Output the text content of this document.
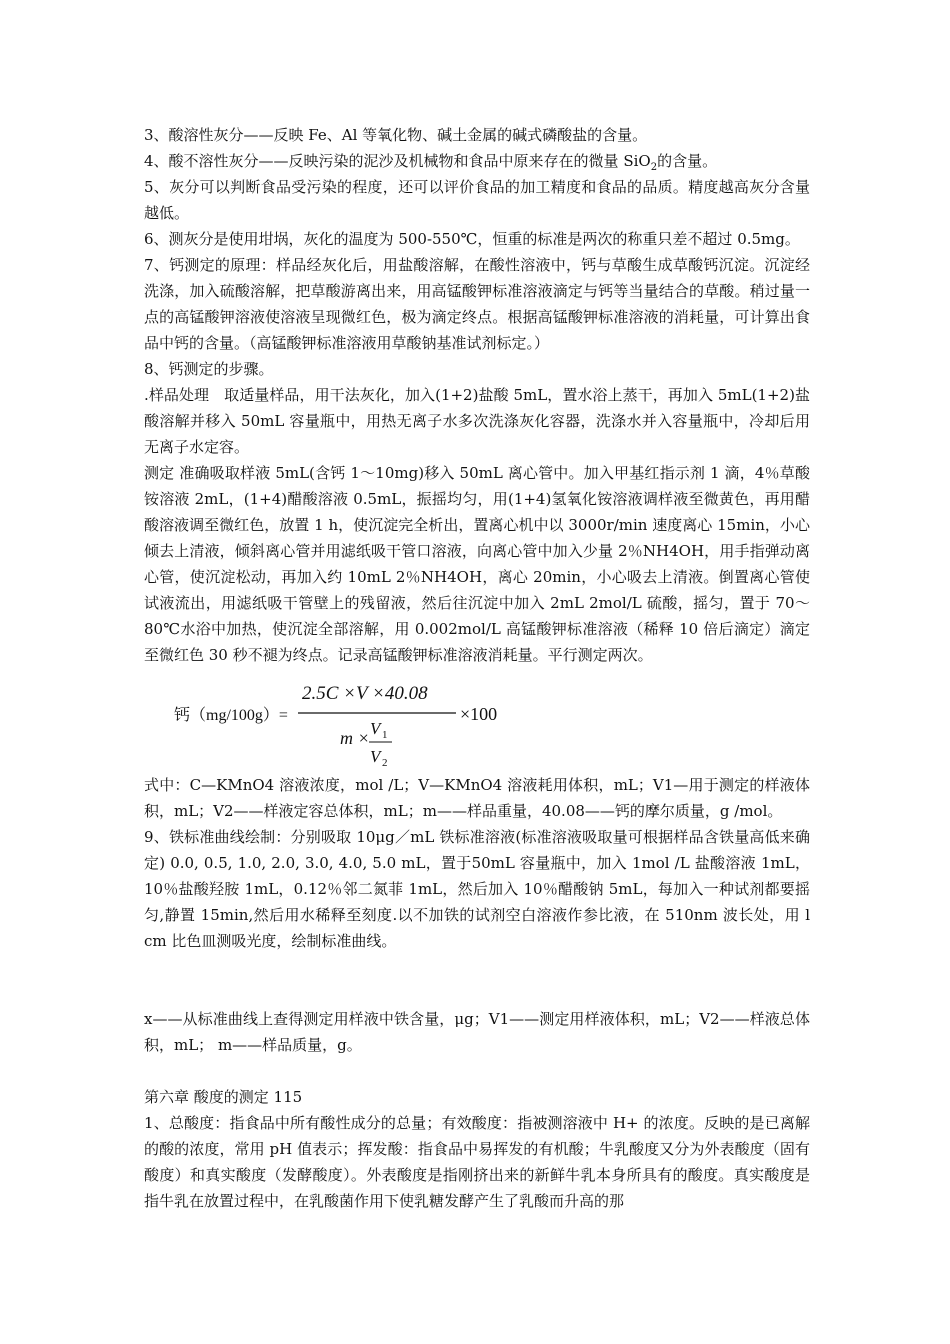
3、酸溶性灰分——反映 Fe、Al 等氧化物、碱土金属的碱式磷酸盐的含量。

4、酸不溶性灰分——反映污染的泥沙及机械物和食品中原来存在的微量 SiO$_2$的含量。

5、灰分可以判断食品受污染的程度，还可以评价食品的加工精度和食品的品质。精度越高灰分含量越低。

6、测灰分是使用坩埚，灰化的温度为 500-550℃，恒重的标准是两次的称重只差不超过 0.5mg。

7、钙测定的原理：样品经灰化后，用盐酸溶解，在酸性溶液中，钙与草酸生成草酸钙沉淀。沉淀经洗涤，加入硫酸溶解，把草酸游离出来，用高锰酸钾标准溶液滴定与钙等当量结合的草酸。稍过量一点的高锰酸钾溶液使溶液呈现微红色，极为滴定终点。根据高锰酸钾标准溶液的消耗量，可计算出食品中钙的含量。（高锰酸钾标准溶液用草酸钠基准试剂标定。）

8、钙测定的步骤。

.样品处理　取适量样品，用干法灰化，加入(1+2)盐酸 5mL，置水浴上蒸干，再加入 5mL(1+2)盐酸溶解并移入 50mL 容量瓶中，用热无离子水多次洗涤灰化容器，洗涤水并入容量瓶中，冷却后用无离子水定容。

测定 准确吸取样液 5mL(含钙 1～10mg)移入 50mL 离心管中。加入甲基红指示剂 1 滴，4％草酸铵溶液 2mL，(1+4)醋酸溶液 0.5mL，振摇均匀，用(1+4)氢氧化铵溶液调样液至微黄色，再用醋酸溶液调至微红色，放置 1 h，使沉淀完全析出，置离心机中以 3000r/min 速度离心 15min，小心倾去上清液，倾斜离心管并用滤纸吸干管口溶液，向离心管中加入少量 2％NH4OH，用手指弹动离心管，使沉淀松动，再加入约 10mL 2％NH4OH，离心 20min，小心吸去上清液。倒置离心管使试液流出，用滤纸吸干管壁上的残留液，然后往沉淀中加入 2mL 2mol/L 硫酸，摇匀，置于 70～80℃水浴中加热，使沉淀全部溶解，用 0.002mol/L 高锰酸钾标准溶液（稀释 10 倍后滴定）滴定至微红色 30 秒不褪为终点。记录高锰酸钾标准溶液消耗量。平行测定两次。

钙（mg/100g）=
2.5C ×V ×40.08
×100
m × V 1
V 2

式中：C—KMnO4 溶液浓度，mol /L；V—KMnO4 溶液耗用体积，mL；V1—用于测定的样液体积，mL；V2——样液定容总体积，mL；m——样品重量，40.08——钙的摩尔质量，g /mol。

9、铁标准曲线绘制：分别吸取 10μg／mL 铁标准溶液(标准溶液吸取量可根据样品含铁量高低来确定) 0.0, 0.5, 1.0, 2.0, 3.0, 4.0, 5.0 mL，置于50mL 容量瓶中，加入 1mol /L 盐酸溶液 1mL，10％盐酸羟胺 1mL，0.12％邻二氮菲 1mL，然后加入 10％醋酸钠 5mL，每加入一种试剂都要摇匀,静置 15min,然后用水稀释至刻度.以不加铁的试剂空白溶液作参比液，在 510nm 波长处，用 l cm 比色皿测吸光度，绘制标准曲线。

x——从标准曲线上查得测定用样液中铁含量，μg；V1——测定用样液体积，mL；V2——样液总体积，mL； m——样品质量，g。

第六章 酸度的测定 115

1、总酸度：指食品中所有酸性成分的总量；有效酸度：指被测溶液中 H+ 的浓度。反映的是已离解的酸的浓度，常用 pH 值表示；挥发酸：指食品中易挥发的有机酸；牛乳酸度又分为外表酸度（固有酸度）和真实酸度（发酵酸度）。外表酸度是指刚挤出来的新鲜牛乳本身所具有的酸度。真实酸度是指牛乳在放置过程中，在乳酸菌作用下使乳糖发酵产生了乳酸而升高的那
